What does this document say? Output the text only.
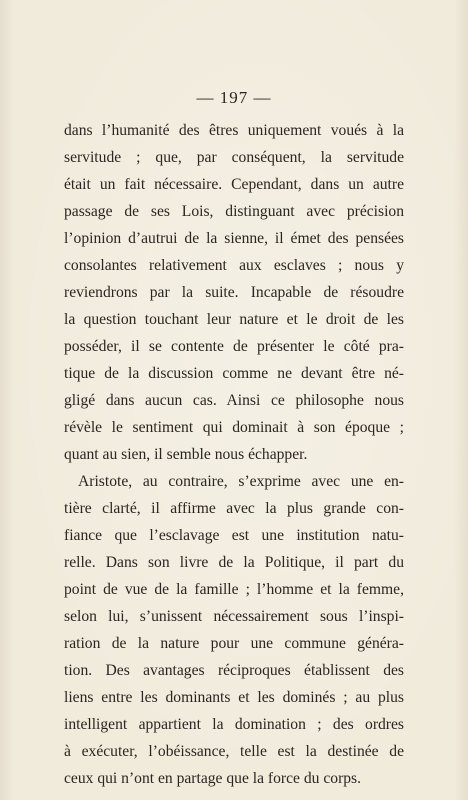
— 197 —
dans l’humanité des êtres uniquement voués à la
servitude ; que, par conséquent, la servitude
était un fait nécessaire. Cependant, dans un autre
passage de ses Lois, distinguant avec précision
l’opinion d’autrui de la sienne, il émet des pensées
consolantes relativement aux esclaves ; nous y
reviendrons par la suite. Incapable de résoudre
la question touchant leur nature et le droit de les
posséder, il se contente de présenter le côté pra-
tique de la discussion comme ne devant être né-
gligé dans aucun cas. Ainsi ce philosophe nous
révèle le sentiment qui dominait à son époque ;
quant au sien, il semble nous échapper.
Aristote, au contraire, s’exprime avec une en-
tière clarté, il affirme avec la plus grande con-
fiance que l’esclavage est une institution natu-
relle. Dans son livre de la Politique, il part du
point de vue de la famille ; l’homme et la femme,
selon lui, s’unissent nécessairement sous l’inspi-
ration de la nature pour une commune généra-
tion. Des avantages réciproques établissent des
liens entre les dominants et les dominés ; au plus
intelligent appartient la domination ; des ordres
à exécuter, l’obéissance, telle est la destinée de
ceux qui n’ont en partage que la force du corps.
